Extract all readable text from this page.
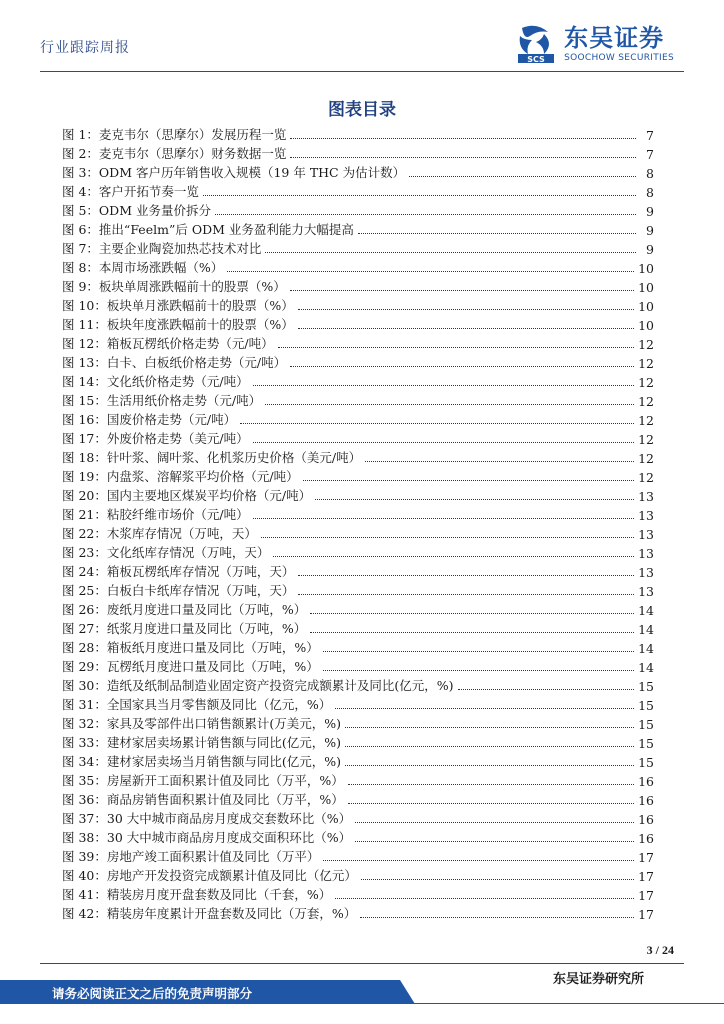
行业跟踪周报
SCS
东吴证券
SOOCHOW SECURITIES
图表目录
图 1：麦克韦尔（思摩尔）发展历程一览	7
图 2：麦克韦尔（思摩尔）财务数据一览	7
图 3：ODM 客户历年销售收入规模（19 年 THC 为估计数）	8
图 4：客户开拓节奏一览	8
图 5：ODM 业务量价拆分	9
图 6：推出“Feelm”后 ODM 业务盈利能力大幅提高	9
图 7：主要企业陶瓷加热芯技术对比	9
图 8：本周市场涨跌幅（%）	10
图 9：板块单周涨跌幅前十的股票（%）	10
图 10：板块单月涨跌幅前十的股票（%）	10
图 11：板块年度涨跌幅前十的股票（%）	10
图 12：箱板瓦楞纸价格走势（元/吨）	12
图 13：白卡、白板纸价格走势（元/吨）	12
图 14：文化纸价格走势（元/吨）	12
图 15：生活用纸价格走势（元/吨）	12
图 16：国废价格走势（元/吨）	12
图 17：外废价格走势（美元/吨）	12
图 18：针叶浆、阔叶浆、化机浆历史价格（美元/吨）	12
图 19：内盘浆、溶解浆平均价格（元/吨）	12
图 20：国内主要地区煤炭平均价格（元/吨）	13
图 21：粘胶纤维市场价（元/吨）	13
图 22：木浆库存情况（万吨，天）	13
图 23：文化纸库存情况（万吨，天）	13
图 24：箱板瓦楞纸库存情况（万吨，天）	13
图 25：白板白卡纸库存情况（万吨，天）	13
图 26：废纸月度进口量及同比（万吨，%）	14
图 27：纸浆月度进口量及同比（万吨，%）	14
图 28：箱板纸月度进口量及同比（万吨，%）	14
图 29：瓦楞纸月度进口量及同比（万吨，%）	14
图 30：造纸及纸制品制造业固定资产投资完成额累计及同比(亿元，%)	15
图 31：全国家具当月零售额及同比（亿元，%）	15
图 32：家具及零部件出口销售额累计(万美元，%)	15
图 33：建材家居卖场累计销售额与同比(亿元，%)	15
图 34：建材家居卖场当月销售额与同比(亿元，%)	15
图 35：房屋新开工面积累计值及同比（万平，%）	16
图 36：商品房销售面积累计值及同比（万平，%）	16
图 37：30 大中城市商品房月度成交套数环比（%）	16
图 38：30 大中城市商品房月度成交面积环比（%）	16
图 39：房地产竣工面积累计值及同比（万平）	17
图 40：房地产开发投资完成额累计值及同比（亿元）	17
图 41：精装房月度开盘套数及同比（千套，%）	17
图 42：精装房年度累计开盘套数及同比（万套，%）	17
3 / 24
东吴证券研究所
请务必阅读正文之后的免责声明部分
